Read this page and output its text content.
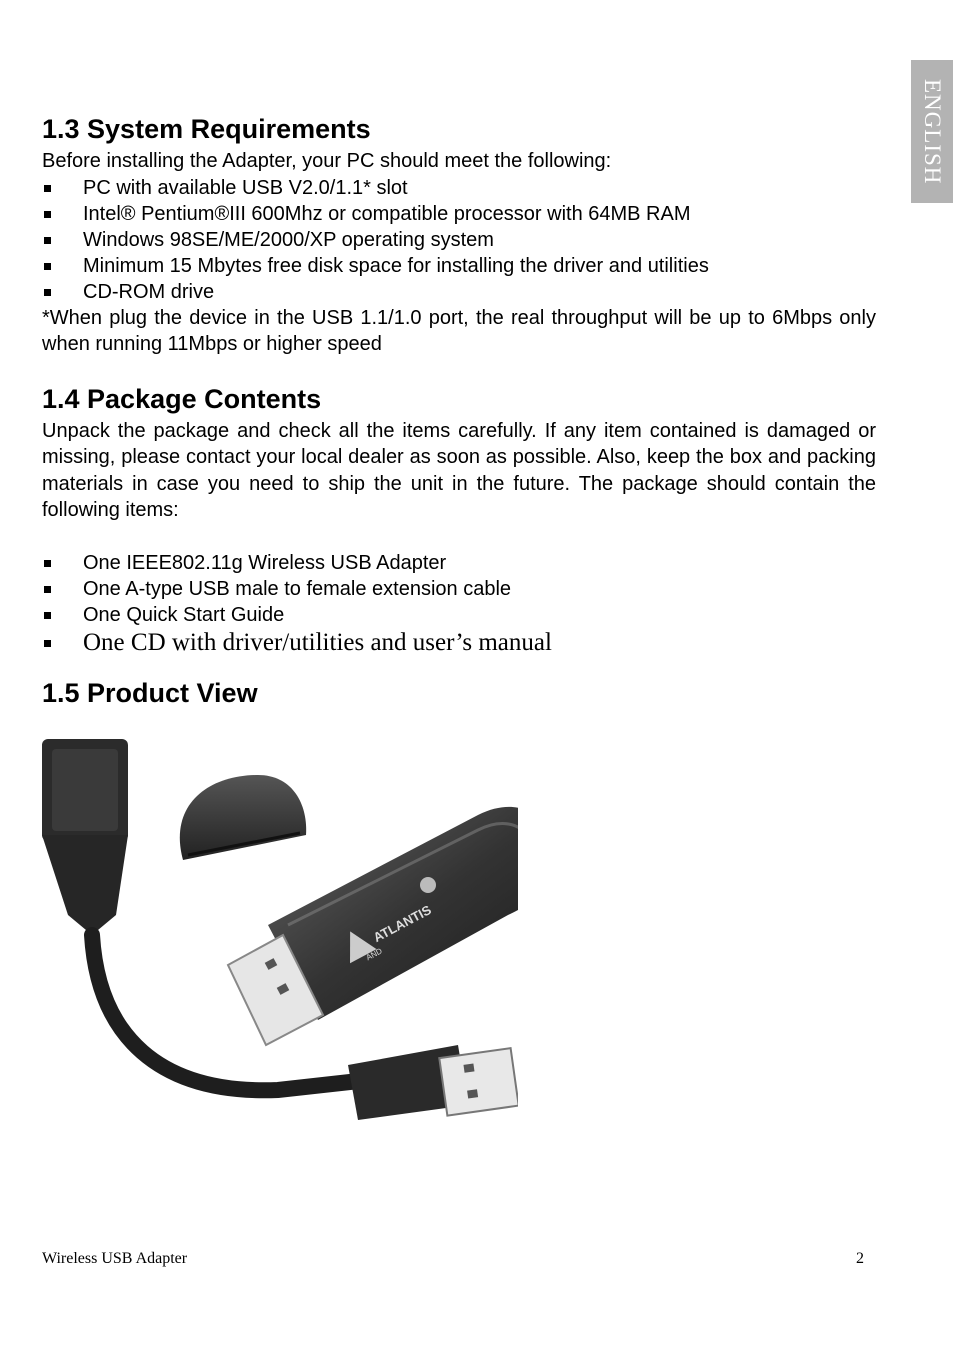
ENGLISH
1.3 System Requirements

Before installing the Adapter, your PC should meet the following:

PC with available USB V2.0/1.1* slot
Intel® Pentium®III 600Mhz or compatible processor with 64MB RAM
Windows 98SE/ME/2000/XP operating system
Minimum 15 Mbytes free disk space for installing the driver and utilities
CD-ROM drive

*When plug the device in the USB 1.1/1.0 port, the real throughput will be up to 6Mbps only when running 11Mbps or higher speed

1.4 Package Contents

Unpack the package and check all the items carefully. If any item contained is damaged or missing, please contact your local dealer as soon as possible. Also, keep the box and packing materials in case you need to ship the unit in the future. The package should contain the following items:

One IEEE802.11g Wireless USB Adapter
One A-type USB male to female extension cable
One Quick Start Guide
One CD with driver/utilities and user’s manual
1.5 Product View
ATLANTIS
AND
Wireless USB Adapter	2
